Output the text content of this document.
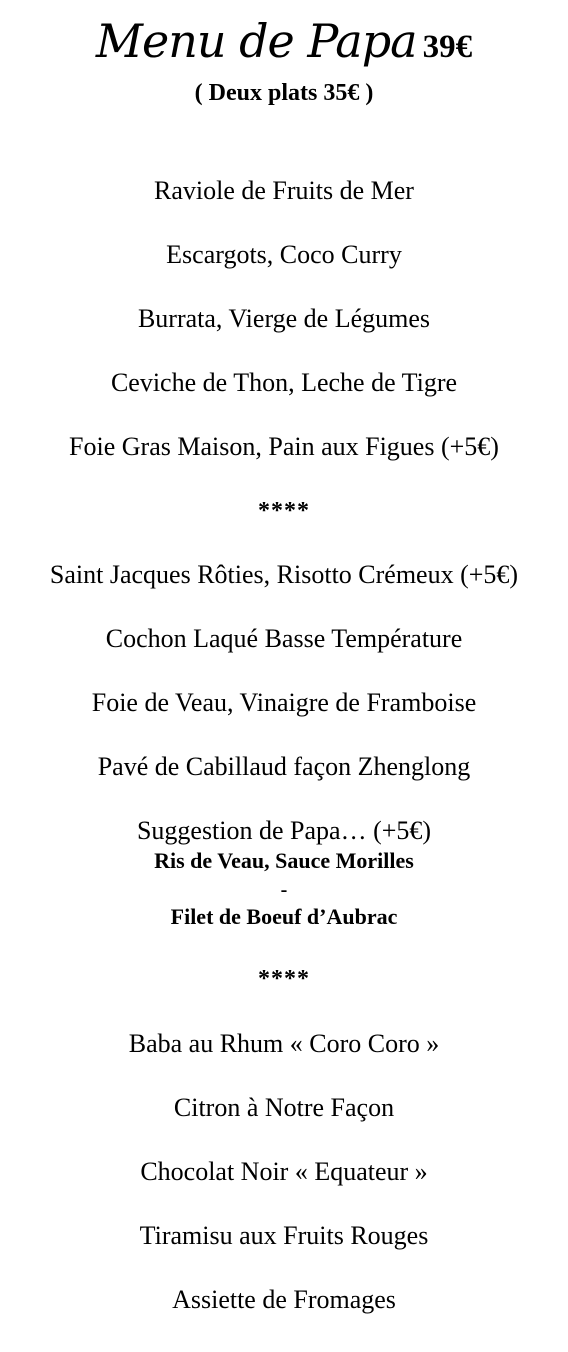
Menu de Papa 39€
( Deux plats 35€ )
Raviole de Fruits de Mer
Escargots, Coco Curry
Burrata, Vierge de Légumes
Ceviche de Thon, Leche de Tigre
Foie Gras Maison, Pain aux Figues (+5€)
****
Saint Jacques Rôties, Risotto Crémeux (+5€)
Cochon Laqué Basse Température
Foie de Veau, Vinaigre de Framboise
Pavé de Cabillaud façon Zhenglong
Suggestion de Papa… (+5€)
Ris de Veau, Sauce Morilles
-
Filet de Boeuf d’Aubrac
****
Baba au Rhum « Coro Coro »
Citron à Notre Façon
Chocolat Noir « Equateur »
Tiramisu aux Fruits Rouges
Assiette de Fromages
